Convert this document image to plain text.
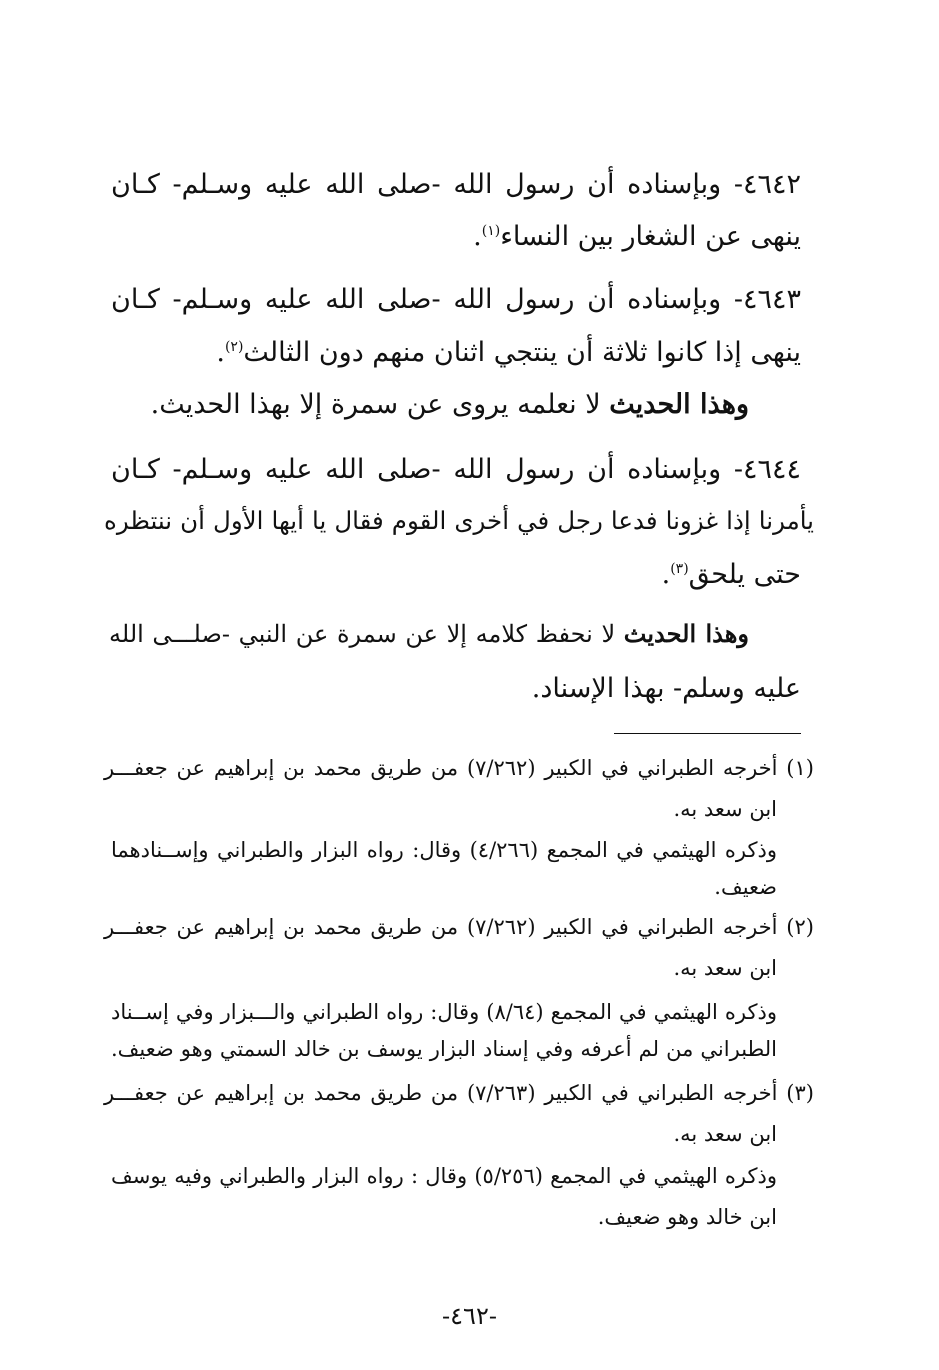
٤٦٤٢- وبإسناده أن رسول الله -صلى الله عليه وسـلم- كـان
ينهى عن الشغار بين النساء$^{(١)}$.
٤٦٤٣- وبإسناده أن رسول الله -صلى الله عليه وسـلم- كـان
ينهى إذا كانوا ثلاثة أن ينتجي اثنان منهم دون الثالث$^{(٢)}$.
وهذا الحديث لا نعلمه يروى عن سمرة إلا بهذا الحديث.
٤٦٤٤- وبإسناده أن رسول الله -صلى الله عليه وسـلم- كـان
يأمرنا إذا غزونا فدعا رجل في أخرى القوم فقال يا أيها الأول أن ننتظره
حتى يلحق$^{(٣)}$.
وهذا الحديث لا نحفظ كلامه إلا عن سمرة عن النبي -صلـــى الله
عليه وسلم- بهذا الإسناد.
(١) أخرجه الطبراني في الكبير (٧/٢٦٢) من طريق محمد بن إبراهيم عن جعفـــر
ابن سعد به.
وذكره الهيثمي في المجمع (٤/٢٦٦) وقال: رواه البزار والطبراني وإســنادهما
ضعيف.
(٢) أخرجه الطبراني في الكبير (٧/٢٦٢) من طريق محمد بن إبراهيم عن جعفـــر
ابن سعد به.
وذكره الهيثمي في المجمع (٨/٦٤) وقال: رواه الطبراني والـــبزار وفي إســناد
الطبراني من لم أعرفه وفي إسناد البزار يوسف بن خالد السمتي وهو ضعيف.
(٣) أخرجه الطبراني في الكبير (٧/٢٦٣) من طريق محمد بن إبراهيم عن جعفـــر
ابن سعد به.
وذكره الهيثمي في المجمع (٥/٢٥٦) وقال : رواه البزار والطبراني وفيه يوسف
ابن خالد وهو ضعيف.
-٤٦٢-
